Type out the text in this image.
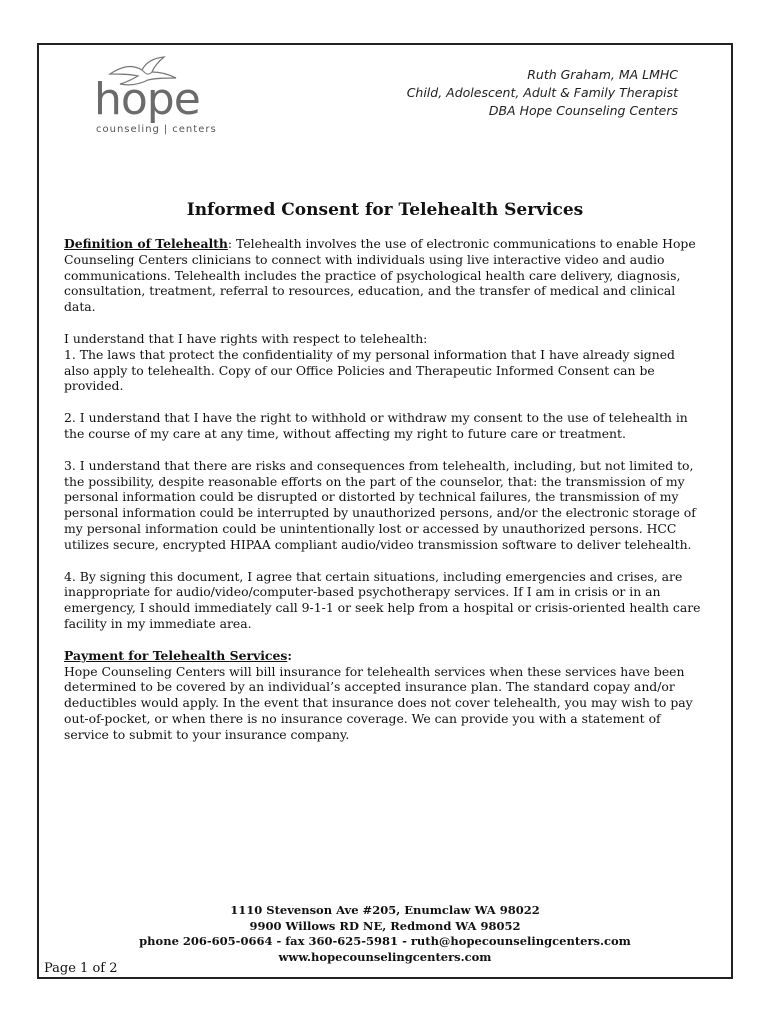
hope
counseling | centers
Ruth Graham, MA LMHC
Child, Adolescent, Adult & Family Therapist
DBA Hope Counseling Centers
Informed Consent for Telehealth Services

Definition of Telehealth: Telehealth involves the use of electronic communications to enable Hope Counseling Centers clinicians to connect with individuals using live interactive video and audio communications. Telehealth includes the practice of psychological health care delivery, diagnosis, consultation, treatment, referral to resources, education, and the transfer of medical and clinical data.

I understand that I have rights with respect to telehealth:
1. The laws that protect the confidentiality of my personal information that I have already signed also apply to telehealth. Copy of our Office Policies and Therapeutic Informed Consent can be provided.

2. I understand that I have the right to withhold or withdraw my consent to the use of telehealth in the course of my care at any time, without affecting my right to future care or treatment.

3. I understand that there are risks and consequences from telehealth, including, but not limited to, the possibility, despite reasonable efforts on the part of the counselor, that: the transmission of my personal information could be disrupted or distorted by technical failures, the transmission of my personal information could be interrupted by unauthorized persons, and/or the electronic storage of my personal information could be unintentionally lost or accessed by unauthorized persons. HCC utilizes secure, encrypted HIPAA compliant audio/video transmission software to deliver telehealth.

4. By signing this document, I agree that certain situations, including emergencies and crises, are inappropriate for audio/video/computer-based psychotherapy services. If I am in crisis or in an emergency, I should immediately call 9-1-1 or seek help from a hospital or crisis-oriented health care facility in my immediate area.

Payment for Telehealth Services:
Hope Counseling Centers will bill insurance for telehealth services when these services have been determined to be covered by an individual’s accepted insurance plan. The standard copay and/or deductibles would apply. In the event that insurance does not cover telehealth, you may wish to pay out-of-pocket, or when there is no insurance coverage. We can provide you with a statement of service to submit to your insurance company.

1110 Stevenson Ave #205, Enumclaw WA 98022
9900 Willows RD NE, Redmond WA 98052
phone 206-605-0664 - fax 360-625-5981 - ruth@hopecounselingcenters.com
www.hopecounselingcenters.com
Page 1 of 2
